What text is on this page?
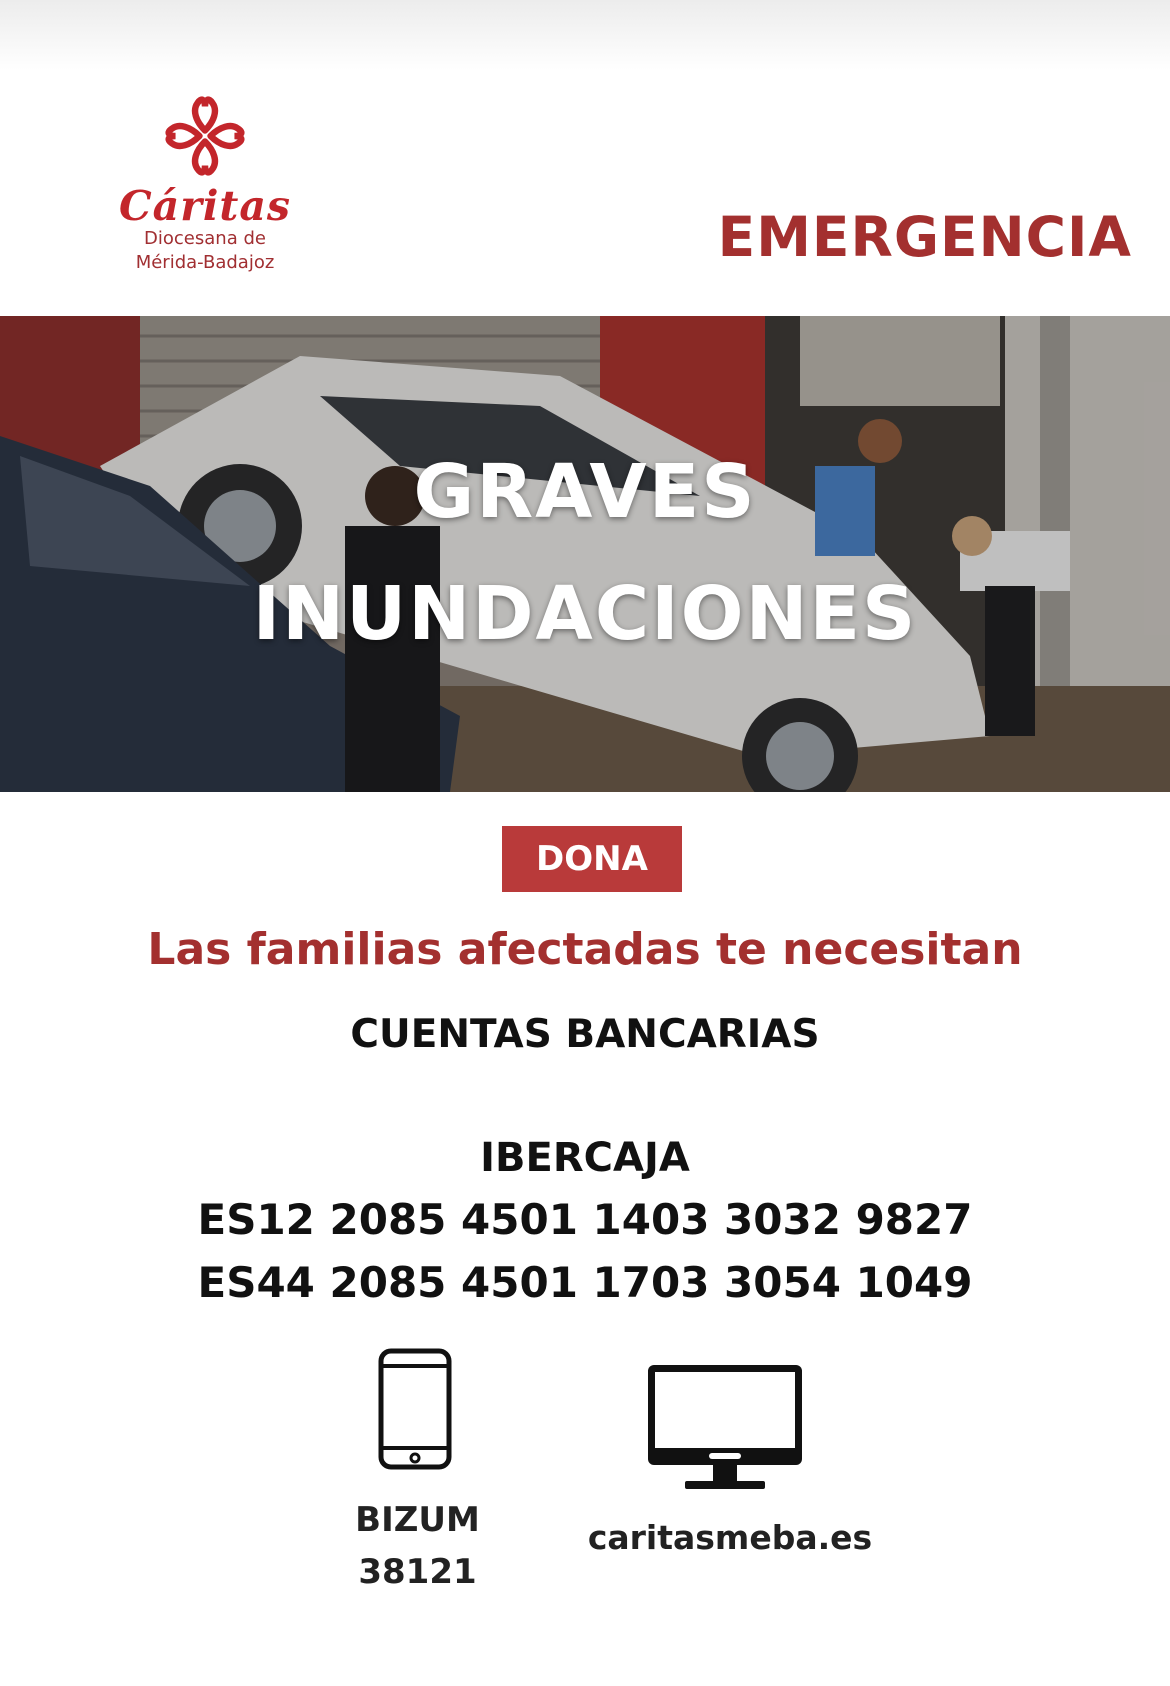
Cáritas
Diocesana de
Mérida-Badajoz	EMERGENCIA
GRAVES
INUNDACIONES
DONA
Las familias afectadas te necesitan
CUENTAS BANCARIAS
IBERCAJA
ES12 2085 4501 1403 3032 9827
ES44 2085 4501 1703 3054 1049
BIZUM
38121
caritasmeba.es
